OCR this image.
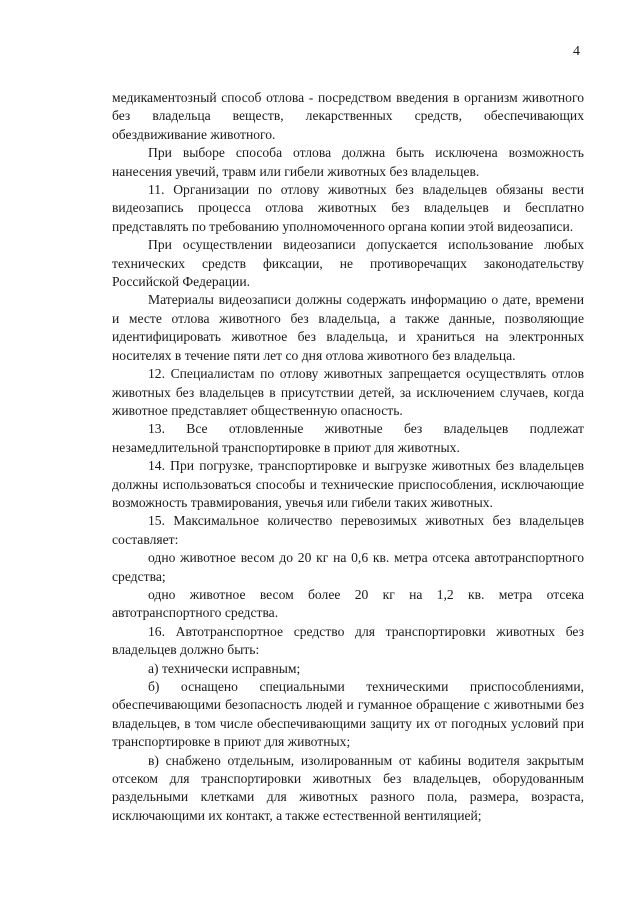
4

медикаментозный способ отлова - посредством введения в организм животного без владельца веществ, лекарственных средств, обеспечивающих обездвиживание животного.

При выборе способа отлова должна быть исключена возможность нанесения увечий, травм или гибели животных без владельцев.

11. Организации по отлову животных без владельцев обязаны вести видеозапись процесса отлова животных без владельцев и бесплатно представлять по требованию уполномоченного органа копии этой видеозаписи.

При осуществлении видеозаписи допускается использование любых технических средств фиксации, не противоречащих законодательству Российской Федерации.

Материалы видеозаписи должны содержать информацию о дате, времени и месте отлова животного без владельца, а также данные, позволяющие идентифицировать животное без владельца, и храниться на электронных носителях в течение пяти лет со дня отлова животного без владельца.

12. Специалистам по отлову животных запрещается осуществлять отлов животных без владельцев в присутствии детей, за исключением случаев, когда животное представляет общественную опасность.

13. Все отловленные животные без владельцев подлежат незамедлительной транспортировке в приют для животных.

14. При погрузке, транспортировке и выгрузке животных без владельцев должны использоваться способы и технические приспособления, исключающие возможность травмирования, увечья или гибели таких животных.

15. Максимальное количество перевозимых животных без владельцев составляет:

одно животное весом до 20 кг на 0,6 кв. метра отсека автотранспортного средства;

одно животное весом более 20 кг на 1,2 кв. метра отсека автотранспортного средства.

16. Автотранспортное средство для транспортировки животных без владельцев должно быть:

а) технически исправным;

б) оснащено специальными техническими приспособлениями, обеспечивающими безопасность людей и гуманное обращение с животными без владельцев, в том числе обеспечивающими защиту их от погодных условий при транспортировке в приют для животных;

в) снабжено отдельным, изолированным от кабины водителя закрытым отсеком для транспортировки животных без владельцев, оборудованным раздельными клетками для животных разного пола, размера, возраста, исключающими их контакт, а также естественной вентиляцией;
